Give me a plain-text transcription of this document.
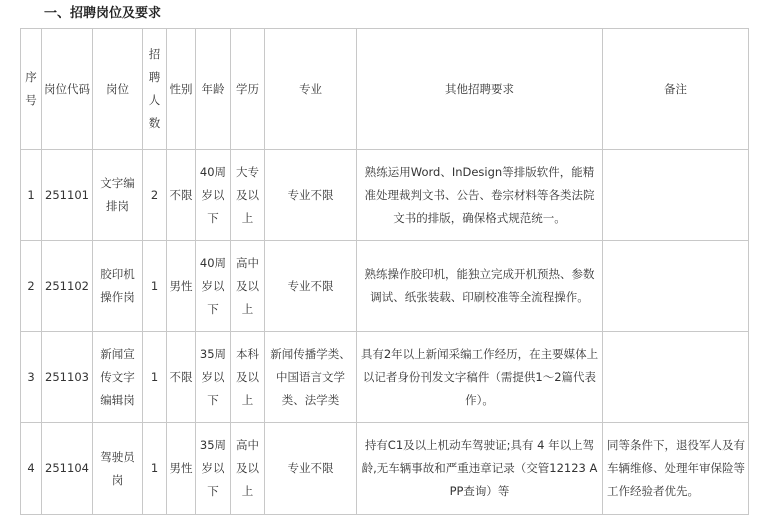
一、招聘岗位及要求
序号	岗位代码	岗位	招聘人数	性别	年龄	学历	专业	其他招聘要求	备注
1	251101	文字编排岗	2	不限	40周岁以下	大专及以上	专业不限	熟练运用Word、InDesign等排版软件，能精准处理裁判文书、公告、卷宗材料等各类法院文书的排版，确保格式规范统一。	
2	251102	胶印机操作岗	1	男性	40周岁以下	高中及以上	专业不限	熟练操作胶印机，能独立完成开机预热、参数调试、纸张装载、印刷校准等全流程操作。	
3	251103	新闻宣传文字编辑岗	1	不限	35周岁以下	本科及以上	新闻传播学类、中国语言文学类、法学类	具有2年以上新闻采编工作经历，在主要媒体上以记者身份刊发文字稿件（需提供1～2篇代表作）。	
4	251104	驾驶员岗	1	男性	35周岁以下	高中及以上	专业不限	持有C1及以上机动车驾驶证;具有 4 年以上驾龄,无车辆事故和严重违章记录（交管12123 APP查询）等	同等条件下，退役军人及有车辆维修、处理年审保险等工作经验者优先。
